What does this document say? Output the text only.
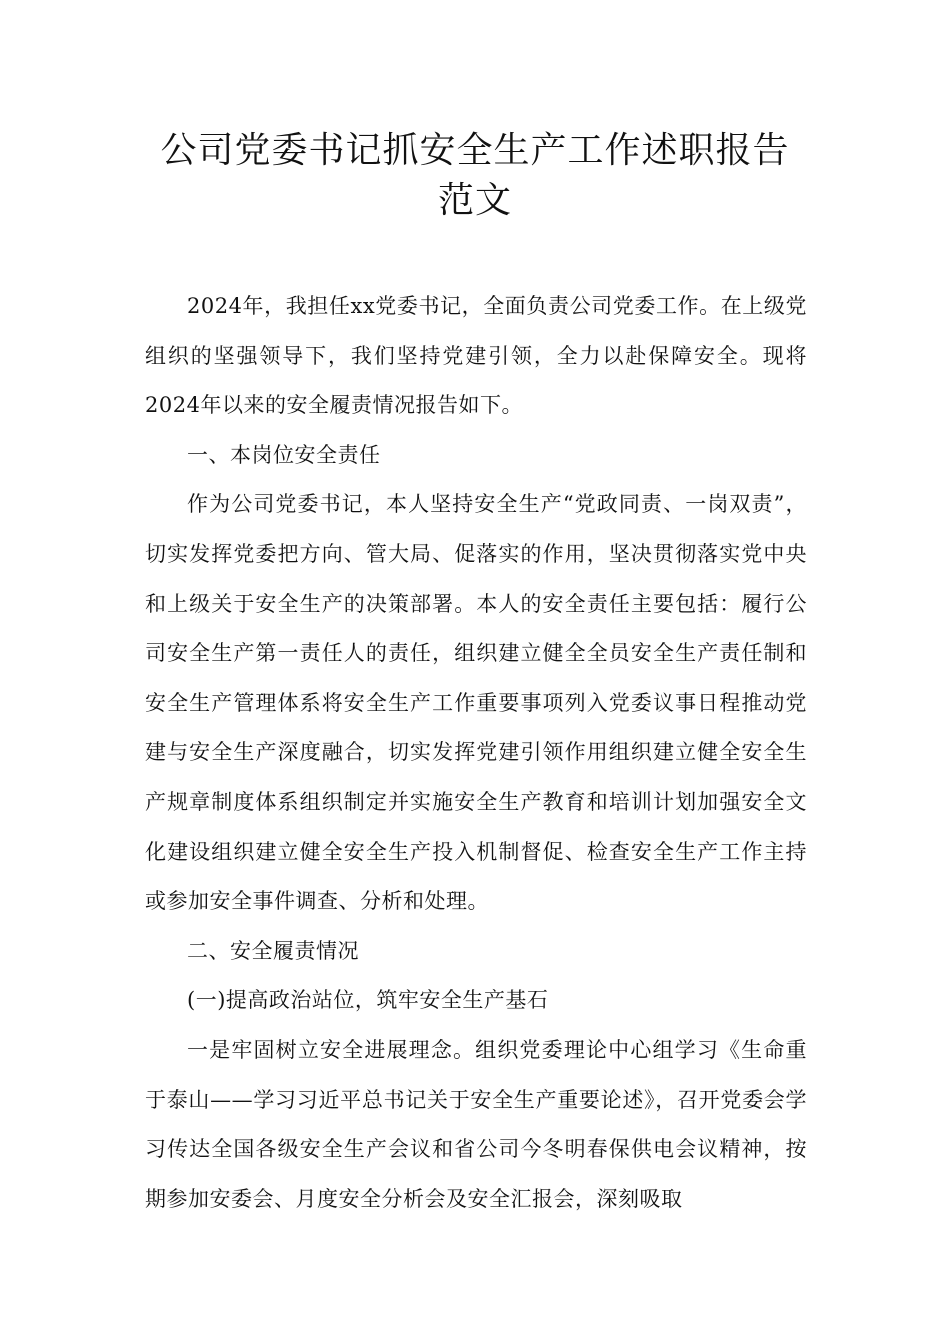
公司党委书记抓安全生产工作述职报告
范文

2024年，我担任xx党委书记，全面负责公司党委工作。在上级党组织的坚强领导下，我们坚持党建引领，全力以赴保障安全。现将2024年以来的安全履责情况报告如下。

一、本岗位安全责任

作为公司党委书记，本人坚持安全生产“党政同责、一岗双责”，切实发挥党委把方向、管大局、促落实的作用，坚决贯彻落实党中央和上级关于安全生产的决策部署。本人的安全责任主要包括：履行公司安全生产第一责任人的责任，组织建立健全全员安全生产责任制和安全生产管理体系将安全生产工作重要事项列入党委议事日程推动党建与安全生产深度融合，切实发挥党建引领作用组织建立健全安全生产规章制度体系组织制定并实施安全生产教育和培训计划加强安全文化建设组织建立健全安全生产投入机制督促、检查安全生产工作主持或参加安全事件调查、分析和处理。

二、安全履责情况

(一)提高政治站位，筑牢安全生产基石

一是牢固树立安全进展理念。组织党委理论中心组学习《生命重于泰山——学习习近平总书记关于安全生产重要论述》，召开党委会学习传达全国各级安全生产会议和省公司今冬明春保供电会议精神，按期参加安委会、月度安全分析会及安全汇报会，深刻吸取
